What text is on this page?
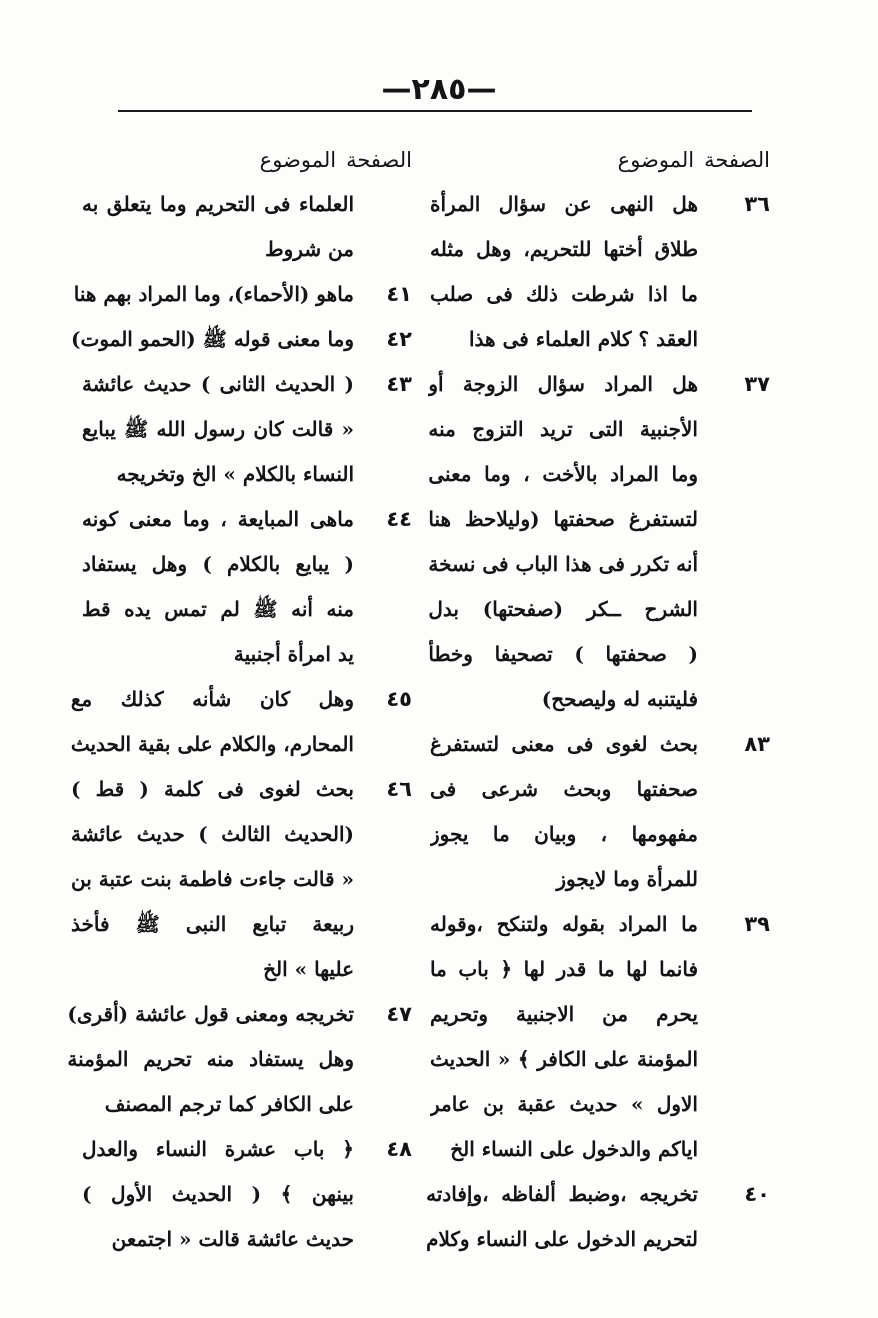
—٢٨٥—
الصفحةالموضوع
٣٦
هل النهى عن سؤال المرأة
طلاق أختها للتحريم، وهل مثله
ما اذا شرطت ذلك فى صلب
العقد ؟ كلام العلماء فى هذا
٣٧
هل المراد سؤال الزوجة أو
الأجنبية التى تريد التزوج منه
وما المراد بالأخت ، وما معنى
لتستفرغ صحفتها (وليلاحظ هنا
أنه تكرر فى هذا الباب فى نسخة
الشرح ــكر (صفحتها) بدل
( صحفتها ) تصحيفا وخطأ
فليتنبه له وليصحح)
٨٣
بحث لغوى فى معنى لتستفرغ
صحفتها وبحث شرعى فى
مفهومها ، وبيان ما يجوز
للمرأة وما لايجوز
٣٩
ما المراد بقوله ولتنكح ،وقوله
فانما لها ما قدر لها ﴿ باب ما
يحرم من الاجنبية وتحريم
المؤمنة على الكافر ﴾ « الحديث
الاول » حديث عقبة بن عامر
اياكم والدخول على النساء الخ
٤٠
تخريجه ،وضبط ألفاظه ،وإفادته
لتحريم الدخول على النساء وكلام
الصفحةالموضوع
العلماء فى التحريم وما يتعلق به
من شروط
٤١
ماهو (الأحماء)، وما المراد بهم هنا
٤٢
وما معنى قوله ﷺ (الحمو الموت)
٤٣
( الحديث الثانى ) حديث عائشة
« قالت كان رسول الله ﷺ يبايع
النساء بالكلام » الخ وتخريجه
٤٤
ماهى المبايعة ، وما معنى كونه
( يبايع بالكلام ) وهل يستفاد
منه أنه ﷺ لم تمس يده قط
يد امرأة أجنبية
٤٥
وهل كان شأنه كذلك مع
المحارم، والكلام على بقية الحديث
٤٦
بحث لغوى فى كلمة ( قط )
(الحديث الثالث ) حديث عائشة
« قالت جاءت فاطمة بنت عتبة بن
ربيعة تبايع النبى ﷺ فأخذ
عليها » الخ
٤٧
تخريجه ومعنى قول عائشة (أقرى)
وهل يستفاد منه تحريم المؤمنة
على الكافر كما ترجم المصنف
٤٨
﴿ باب عشرة النساء والعدل
بينهن ﴾ ( الحديث الأول )
حديث عائشة قالت « اجتمعن
